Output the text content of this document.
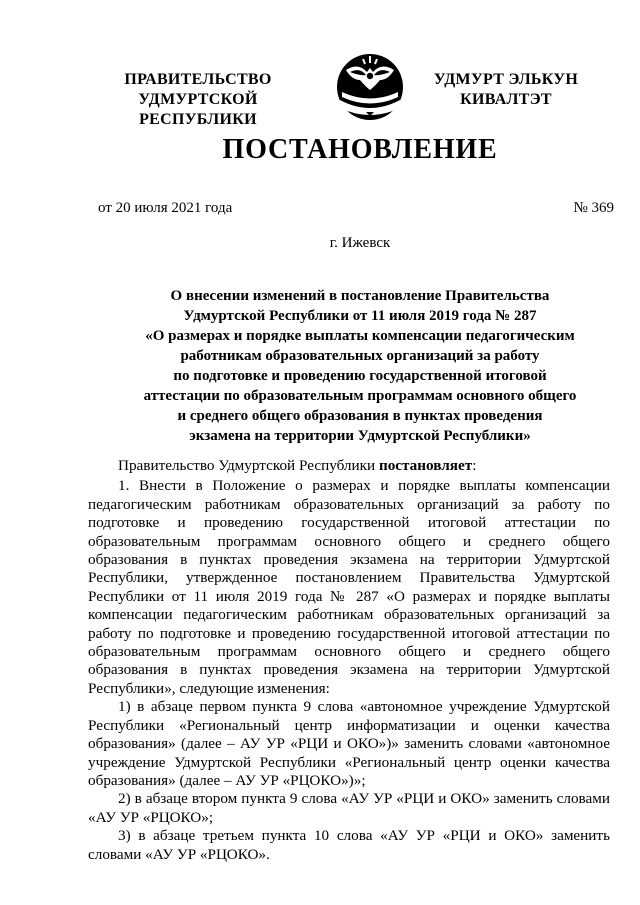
ПРАВИТЕЛЬСТВО
УДМУРТСКОЙ РЕСПУБЛИКИ
УДМУРТ ЭЛЬКУН
КИВАЛТЭТ
ПОСТАНОВЛЕНИЕ
от 20 июля 2021 года	№ 369
г. Ижевск
О внесении изменений в постановление Правительства
Удмуртской Республики от 11 июля 2019 года № 287
«О размерах и порядке выплаты компенсации педагогическим
работникам образовательных организаций за работу
по подготовке и проведению государственной итоговой
аттестации по образовательным программам основного общего
и среднего общего образования в пунктах проведения
экзамена на территории Удмуртской Республики»

Правительство Удмуртской Республики постановляет:

1. Внести в Положение о размерах и порядке выплаты компенсации педагогическим работникам образовательных организаций за работу по подготовке и проведению государственной итоговой аттестации по образовательным программам основного общего и среднего общего образования в пунктах проведения экзамена на территории Удмуртской Республики, утвержденное постановлением Правительства Удмуртской Республики от 11 июля 2019 года № 287 «О размерах и порядке выплаты компенсации педагогическим работникам образовательных организаций за работу по подготовке и проведению государственной итоговой аттестации по образовательным программам основного общего и среднего общего образования в пунктах проведения экзамена на территории Удмуртской Республики», следующие изменения:

1) в абзаце первом пункта 9 слова «автономное учреждение Удмуртской Республики «Региональный центр информатизации и оценки качества образования» (далее – АУ УР «РЦИ и ОКО»)» заменить словами «автономное учреждение Удмуртской Республики «Региональный центр оценки качества образования» (далее – АУ УР «РЦОКО»)»;

2) в абзаце втором пункта 9 слова «АУ УР «РЦИ и ОКО» заменить словами «АУ УР «РЦОКО»;

3) в абзаце третьем пункта 10 слова «АУ УР «РЦИ и ОКО» заменить словами «АУ УР «РЦОКО».
